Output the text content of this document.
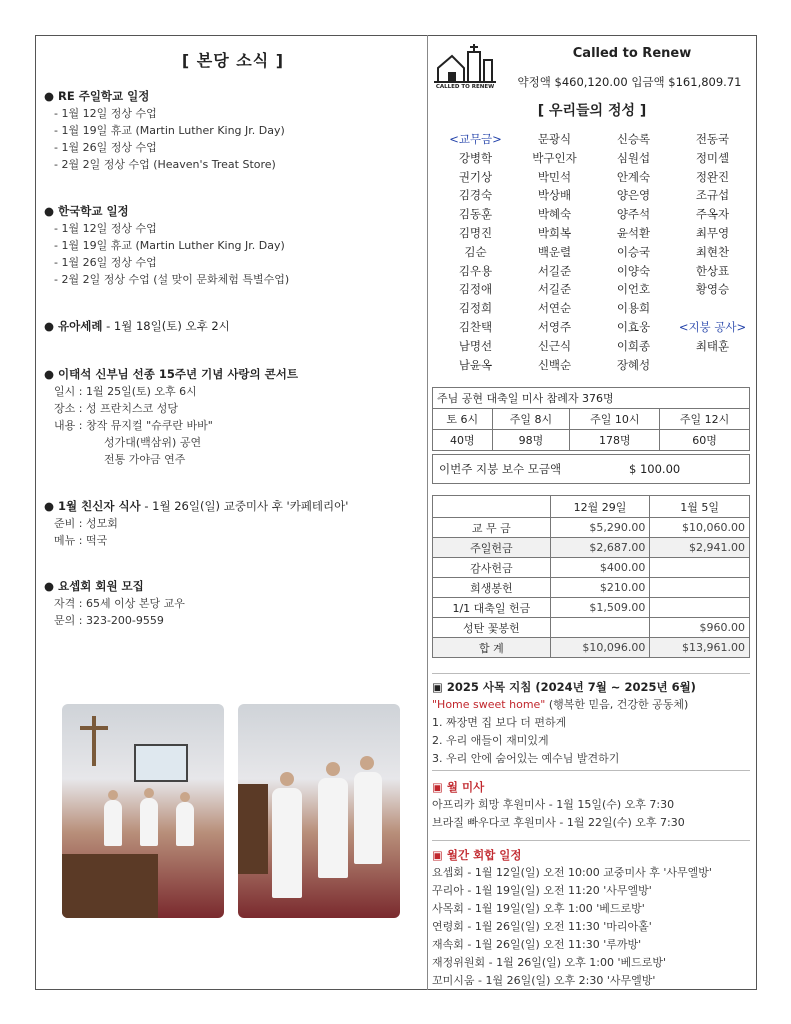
[ 본당 소식 ]
● RE 주일학교 일정
- 1월 12일 정상 수업
- 1월 19일 휴교 (Martin Luther King Jr. Day)
- 1월 26일 정상 수업
- 2월 2일 정상 수업 (Heaven's Treat Store)
● 한국학교 일정
- 1월 12일 정상 수업
- 1월 19일 휴교 (Martin Luther King Jr. Day)
- 1월 26일 정상 수업
- 2월 2일 정상 수업 (설 맞이 문화체험 특별수업)
● 유아세례 - 1월 18일(토) 오후 2시
● 이태석 신부님 선종 15주년 기념 사랑의 콘서트
일시 : 1월 25일(토) 오후 6시
장소 : 성 프란치스코 성당
내용 : 창작 뮤지컬 "슈쿠란 바바"
성가대(백삼위) 공연
전통 가야금 연주
● 1월 친신자 식사 - 1월 26일(일) 교중미사 후 '카페테리아'
준비 : 성모회
메뉴 : 떡국
● 요셉회 회원 모집
자격 : 65세 이상 본당 교우
문의 : 323-200-9559
CALLED TO RENEW
Called to Renew
약정액 $460,120.00 입금액 $161,809.71
[ 우리들의 정성 ]
<교무금>	문광식	신승록	전동국
강병학	박구인자	심원섭	정미셸
권기상	박민석	안계숙	정완진
김경숙	박상배	양은영	조규섭
김동훈	박혜숙	양주석	주옥자
김명진	박희복	윤석환	최무영
김순	백운렬	이승국	최현찬
김우용	서길준	이양숙	한상표
김정애	서길준	이언호	황영승
김정희	서연순	이용희
김찬택	서영주	이효웅	<지붕 공사>
남명선	신근식	이희종	최태훈
남윤옥	신백순	장혜성
주님 공현 대축일 미사 참례자 376명			
토 6시	주일 8시	주일 10시	주일 12시
40명	98명	178명	60명
이번주 지붕 보수 모금액	$ 100.00
	12월 29일	1월 5일
교 무 금	$5,290.00	$10,060.00
주일헌금	$2,687.00	$2,941.00
감사헌금	$400.00	
희생봉헌	$210.00	
1/1 대축일 헌금	$1,509.00	
성탄 꽃봉헌		$960.00
합 계	$10,096.00	$13,961.00
▣ 2025 사목 지침 (2024년 7월 ~ 2025년 6월)
"Home sweet home" (행복한 믿음, 건강한 공동체)
1. 짜장면 집 보다 더 편하게
2. 우리 애들이 재미있게
3. 우리 안에 숨어있는 예수님 발견하기
▣ 월 미사
아프리카 희망 후원미사 - 1월 15일(수) 오후 7:30
브라질 빠우다코 후원미사 - 1월 22일(수) 오후 7:30
▣ 월간 회합 일정
요셉회 - 1월 12일(일) 오전 10:00 교중미사 후 '사무엘방'
꾸리아 - 1월 19일(일) 오전 11:20 '사무엘방'
사목회 - 1월 19일(일) 오후 1:00 '베드로방'
연령회 - 1월 26일(일) 오전 11:30 '마리아홀'
재속회 - 1월 26일(일) 오전 11:30 '루까방'
재정위원회 - 1월 26일(일) 오후 1:00 '베드로방'
꼬미시움 - 1월 26일(일) 오후 2:30 '사무엘방'
